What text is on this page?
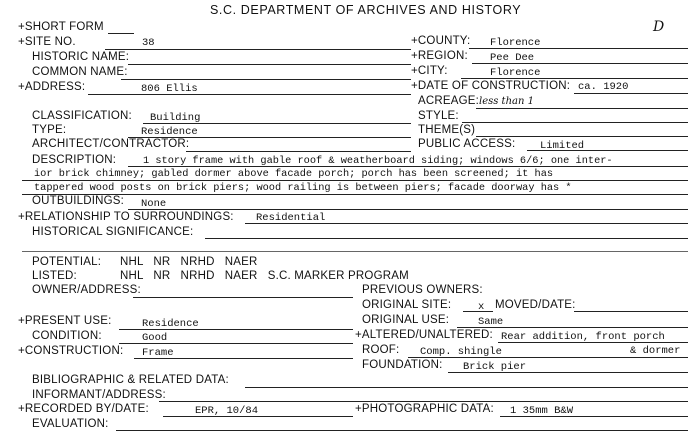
S.C. DEPARTMENT OF ARCHIVES AND HISTORY
D
+SHORT FORM
+SITE NO.	38	+COUNTY: Florence
HISTORIC NAME:	+REGION: Pee Dee
COMMON NAME:	+CITY:	Florence
+ADDRESS:	806 Ellis	+DATE OF CONSTRUCTION: ca. 1920
ACREAGE: less than 1
CLASSIFICATION: Building	STYLE:
TYPE:	Residence	THEME(S)
ARCHITECT/CONTRACTOR:	PUBLIC ACCESS: Limited
DESCRIPTION:	1 story frame with gable roof & weatherboard siding; windows 6/6; one inter-
ior brick chimney; gabled dormer above facade porch; porch has been screened; it has
tappered wood posts on brick piers; wood railing is between piers; facade doorway has *
OUTBUILDINGS: None
+RELATIONSHIP TO SURROUNDINGS: Residential
HISTORICAL SIGNIFICANCE:
POTENTIAL: NHL   NR   NRHD   NAER
LISTED:	NHL   NR   NRHD   NAER   S.C. MARKER PROGRAM
OWNER/ADDRESS:	PREVIOUS OWNERS:
ORIGINAL SITE:	x MOVED/DATE:
+PRESENT USE:	Residence	ORIGINAL USE:	Same
CONDITION:	Good	+ALTERED/UNALTERED: Rear addition, front porch
+CONSTRUCTION: Frame	ROOF: Comp. shingle	& dormer
FOUNDATION: Brick pier
BIBLIOGRAPHIC & RELATED DATA:
INFORMANT/ADDRESS:
+RECORDED BY/DATE:	EPR, 10/84	+PHOTOGRAPHIC DATA: 1 35mm B&W
EVALUATION:
